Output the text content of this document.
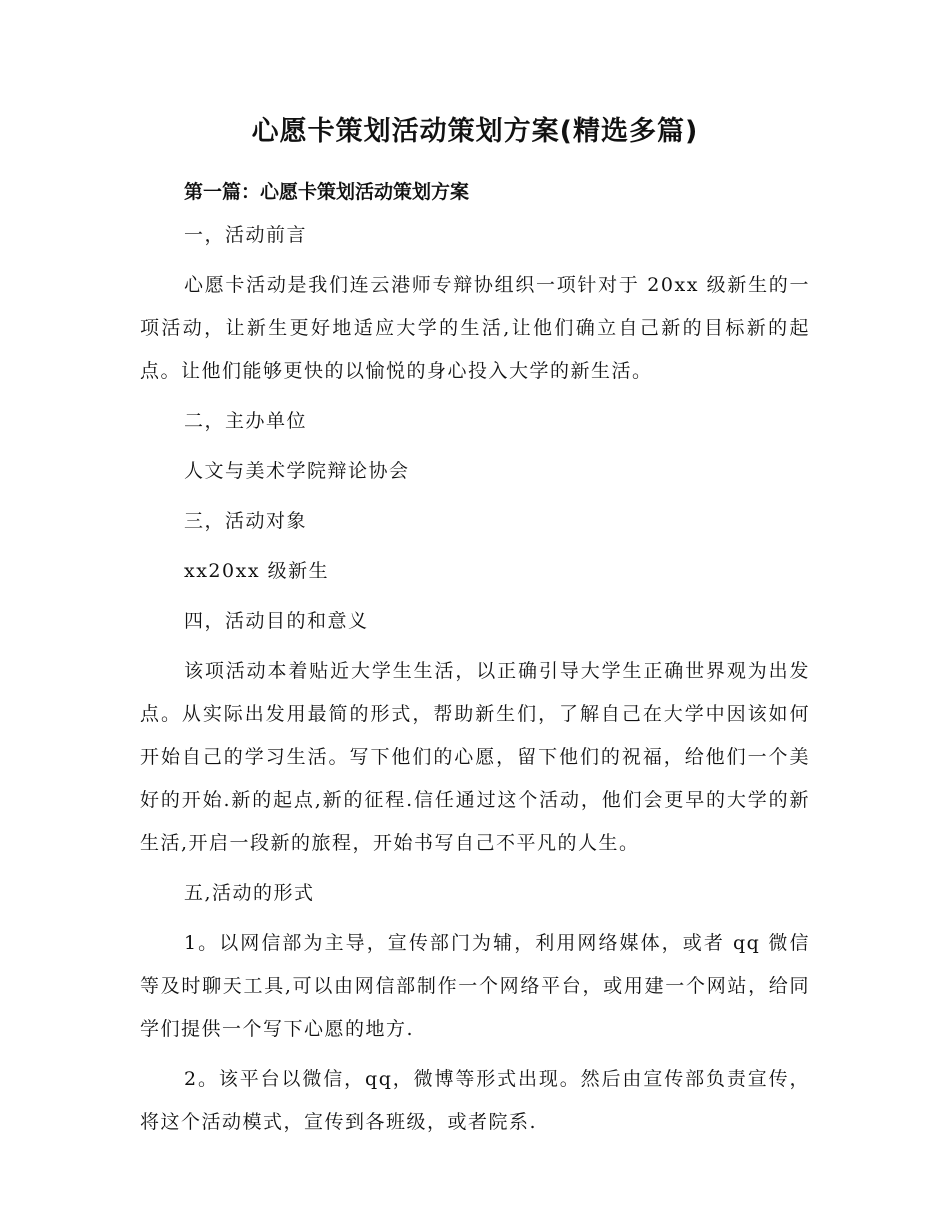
心愿卡策划活动策划方案(精选多篇)
第一篇：心愿卡策划活动策划方案

一，活动前言

心愿卡活动是我们连云港师专辩协组织一项针对于 20xx 级新生的一项活动，让新生更好地适应大学的生活,让他们确立自己新的目标新的起点。让他们能够更快的以愉悦的身心投入大学的新生活。

二，主办单位

人文与美术学院辩论协会

三，活动对象

xx20xx 级新生

四，活动目的和意义

该项活动本着贴近大学生生活，以正确引导大学生正确世界观为出发点。从实际出发用最简的形式，帮助新生们，了解自己在大学中因该如何开始自己的学习生活。写下他们的心愿，留下他们的祝福，给他们一个美好的开始.新的起点,新的征程.信任通过这个活动，他们会更早的大学的新生活,开启一段新的旅程，开始书写自己不平凡的人生。

五,活动的形式

1。以网信部为主导，宣传部门为辅，利用网络媒体，或者 qq 微信等及时聊天工具,可以由网信部制作一个网络平台，或用建一个网站，给同学们提供一个写下心愿的地方.

2。该平台以微信，qq，微博等形式出现。然后由宣传部负责宣传，将这个活动模式，宣传到各班级，或者院系.
